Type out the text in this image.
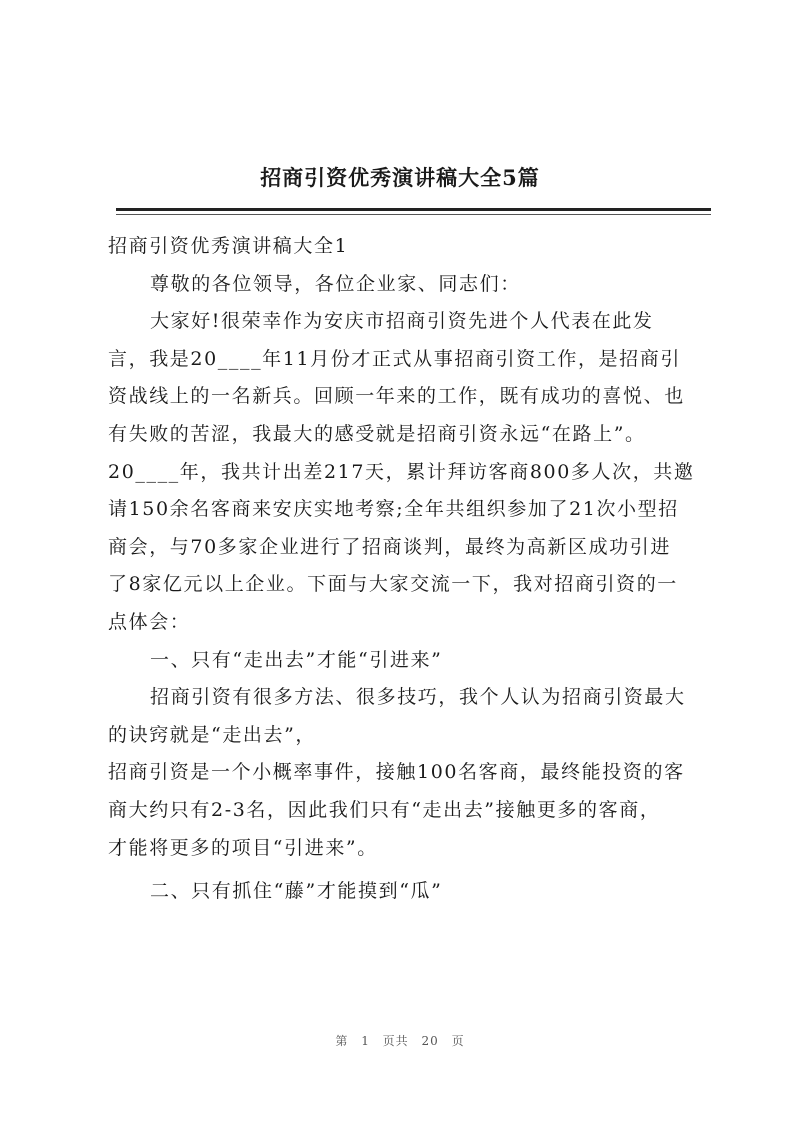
招商引资优秀演讲稿大全5篇
招商引资优秀演讲稿大全1
尊敬的各位领导，各位企业家、同志们：
大家好!很荣幸作为安庆市招商引资先进个人代表在此发
言，我是20____年11月份才正式从事招商引资工作，是招商引
资战线上的一名新兵。回顾一年来的工作，既有成功的喜悦、也
有失败的苦涩，我最大的感受就是招商引资永远“在路上”。
20____年，我共计出差217天，累计拜访客商800多人次，共邀
请150余名客商来安庆实地考察;全年共组织参加了21次小型招
商会，与70多家企业进行了招商谈判，最终为高新区成功引进
了8家亿元以上企业。下面与大家交流一下，我对招商引资的一
点体会：
一、只有“走出去”才能“引进来”
招商引资有很多方法、很多技巧，我个人认为招商引资最大
的诀窍就是“走出去”，
招商引资是一个小概率事件，接触100名客商，最终能投资的客
商大约只有2-3名，因此我们只有“走出去”接触更多的客商，
才能将更多的项目“引进来”。
二、只有抓住“藤”才能摸到“瓜”
第 1 页共 20 页
